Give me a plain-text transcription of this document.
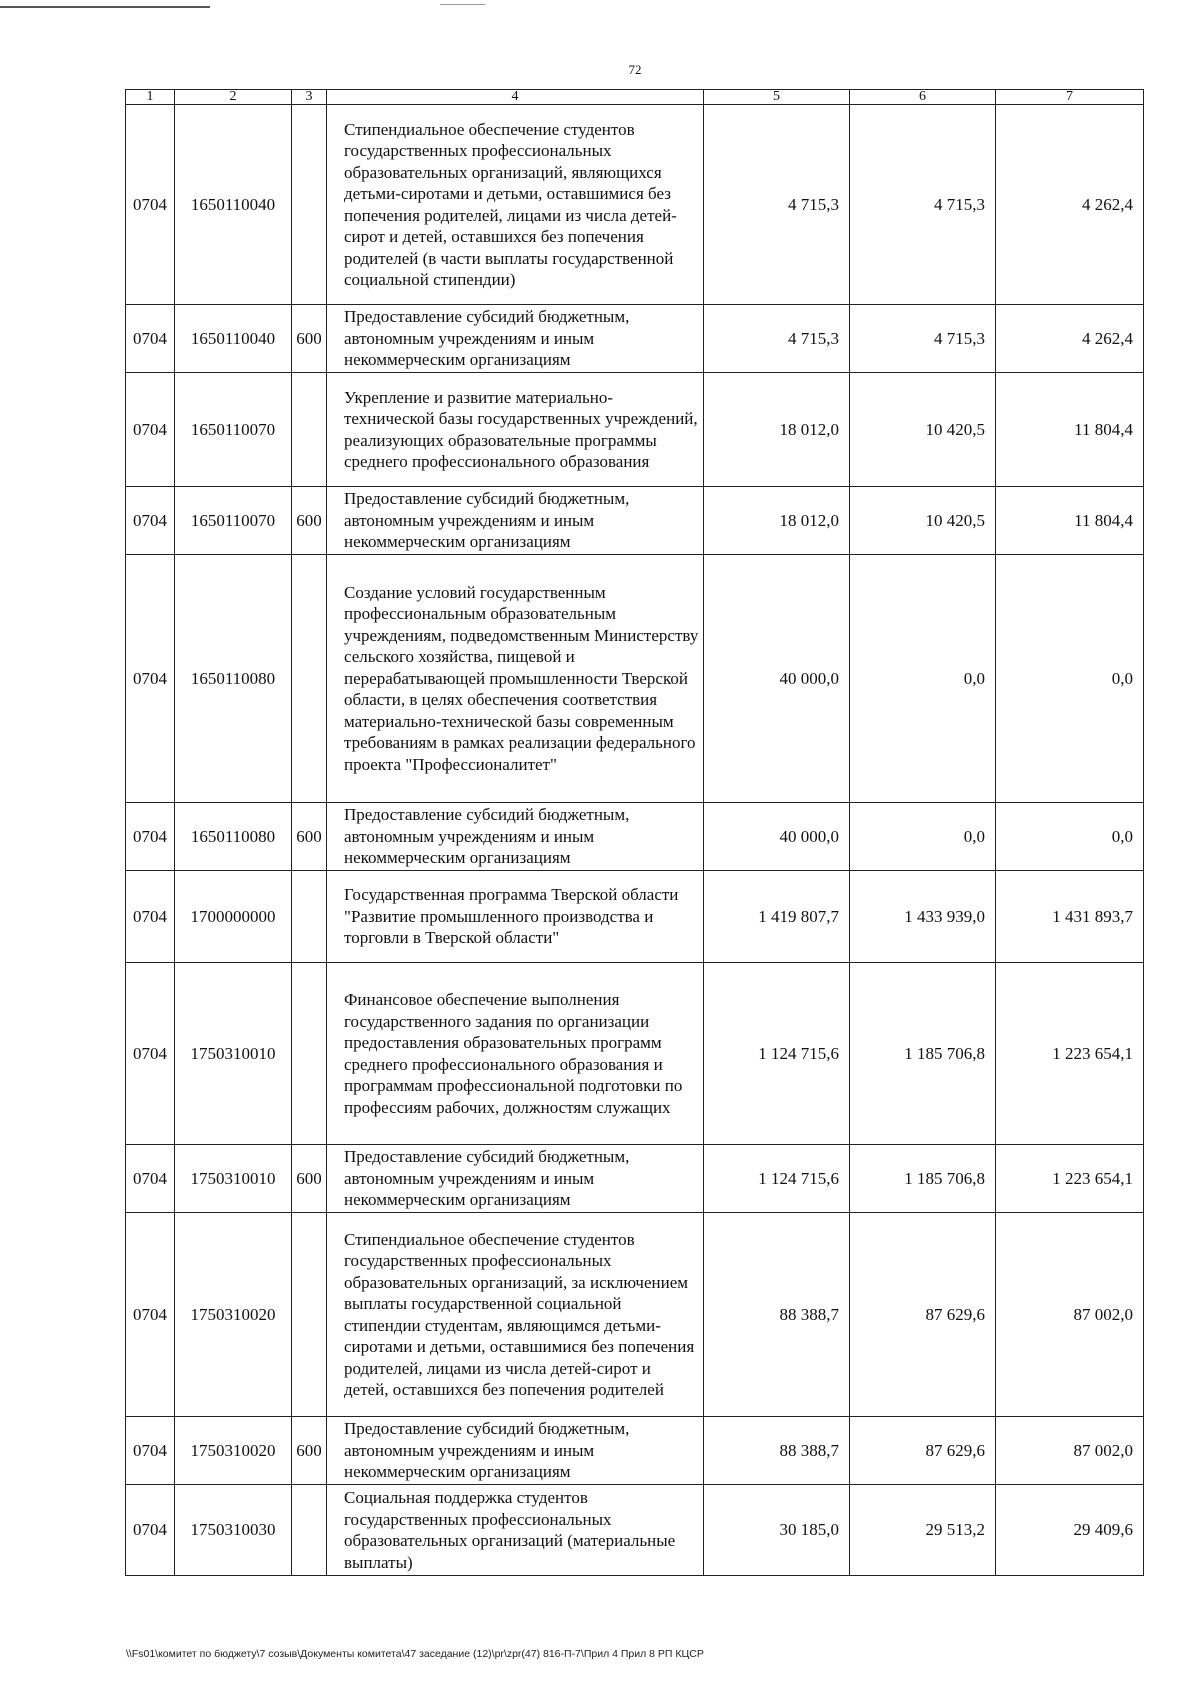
72
1	2	3	4	5	6	7
0704	1650110040		Стипендиальное обеспечение студентов государственных профессиональных образовательных организаций, являющихся детьми-сиротами и детьми, оставшимися без попечения родителей, лицами из числа детей-сирот и детей, оставшихся без попечения родителей (в части выплаты государственной социальной стипендии)	4 715,3	4 715,3	4 262,4
0704	1650110040	600	Предоставление субсидий бюджетным, автономным учреждениям и иным некоммерческим организациям	4 715,3	4 715,3	4 262,4
0704	1650110070		Укрепление и развитие материально-технической базы государственных учреждений, реализующих образовательные программы среднего профессионального образования	18 012,0	10 420,5	11 804,4
0704	1650110070	600	Предоставление субсидий бюджетным, автономным учреждениям и иным некоммерческим организациям	18 012,0	10 420,5	11 804,4
0704	1650110080		Создание условий государственным профессиональным образовательным учреждениям, подведомственным Министерству сельского хозяйства, пищевой и перерабатывающей промышленности Тверской области, в целях обеспечения соответствия материально-технической базы современным требованиям в рамках реализации федерального проекта "Профессионалитет"	40 000,0	0,0	0,0
0704	1650110080	600	Предоставление субсидий бюджетным, автономным учреждениям и иным некоммерческим организациям	40 000,0	0,0	0,0
0704	1700000000		Государственная программа Тверской области "Развитие промышленного производства и торговли в Тверской области"	1 419 807,7	1 433 939,0	1 431 893,7
0704	1750310010		Финансовое обеспечение выполнения государственного задания по организации предоставления образовательных программ среднего профессионального образования и программам профессиональной подготовки по профессиям рабочих, должностям служащих	1 124 715,6	1 185 706,8	1 223 654,1
0704	1750310010	600	Предоставление субсидий бюджетным, автономным учреждениям и иным некоммерческим организациям	1 124 715,6	1 185 706,8	1 223 654,1
0704	1750310020		Стипендиальное обеспечение студентов государственных профессиональных образовательных организаций, за исключением выплаты государственной социальной стипендии студентам, являющимся детьми-сиротами и детьми, оставшимися без попечения родителей, лицами из числа детей-сирот и детей, оставшихся без попечения родителей	88 388,7	87 629,6	87 002,0
0704	1750310020	600	Предоставление субсидий бюджетным, автономным учреждениям и иным некоммерческим организациям	88 388,7	87 629,6	87 002,0
0704	1750310030		Социальная поддержка студентов государственных профессиональных образовательных организаций (материальные выплаты)	30 185,0	29 513,2	29 409,6
\\Fs01\комитет по бюджету\7 созыв\Документы комитета\47 заседание (12)\pr\zpr(47) 816-П-7\Прил 4 Прил 8 РП КЦСР
